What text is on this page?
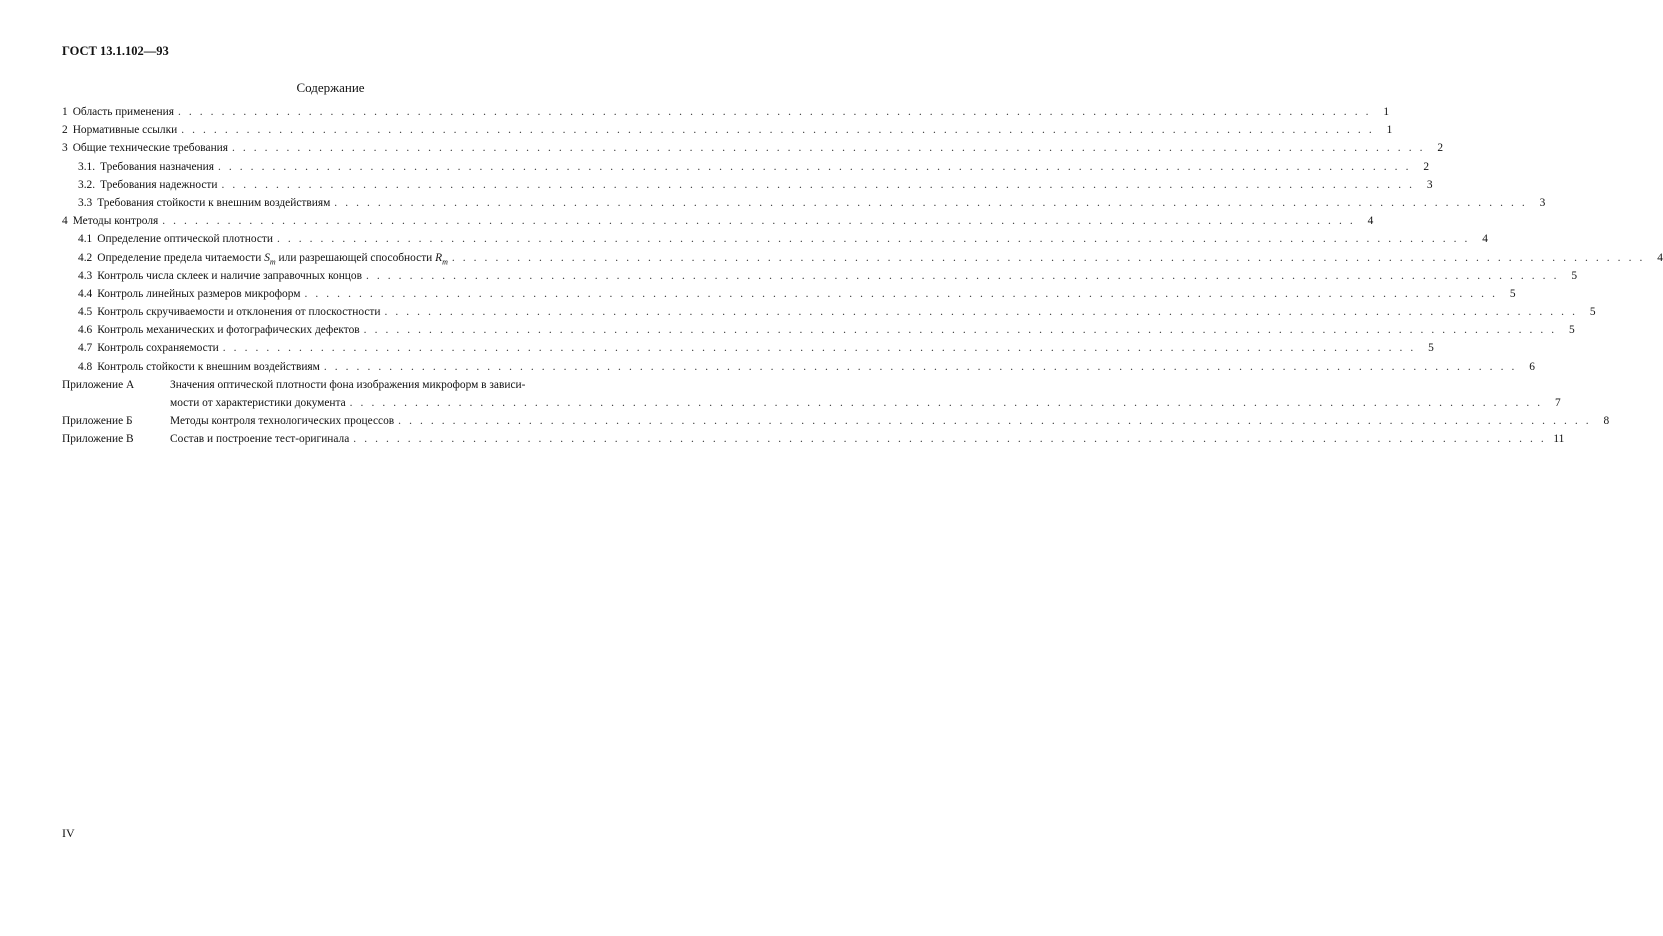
ГОСТ 13.1.102—93
Содержание
1 Область применения . . .	1
2 Нормативные ссылки . . .	1
3 Общие технические требования . . .	2
3.1. Требования назначения . . .	2
3.2. Требования надежности . . .	3
3.3 Требования стойкости к внешним воздействиям . . .	3
4 Методы контроля . . .	4
4.1 Определение оптической плотности . . .	4
4.2 Определение предела читаемости $S_m$ или разрешающей способности $R_m$ . . .	4
4.3 Контроль числа склеек и наличие заправочных концов . . .	5
4.4 Контроль линейных размеров микроформ . . .	5
4.5 Контроль скручиваемости и отклонения от плоскостности . . .	5
4.6 Контроль механических и фотографических дефектов . . .	5
4.7 Контроль сохраняемости . . .	5
4.8 Контроль стойкости к внешним воздействиям . . .	6
Приложение А	Значения оптической плотности фона изображения микроформ в зависи-
мости от характеристики документа . . .	7
Приложение Б	Методы контроля технологических процессов . . .	8
Приложение В	Состав и построение тест-оригинала . . .	11
IV
